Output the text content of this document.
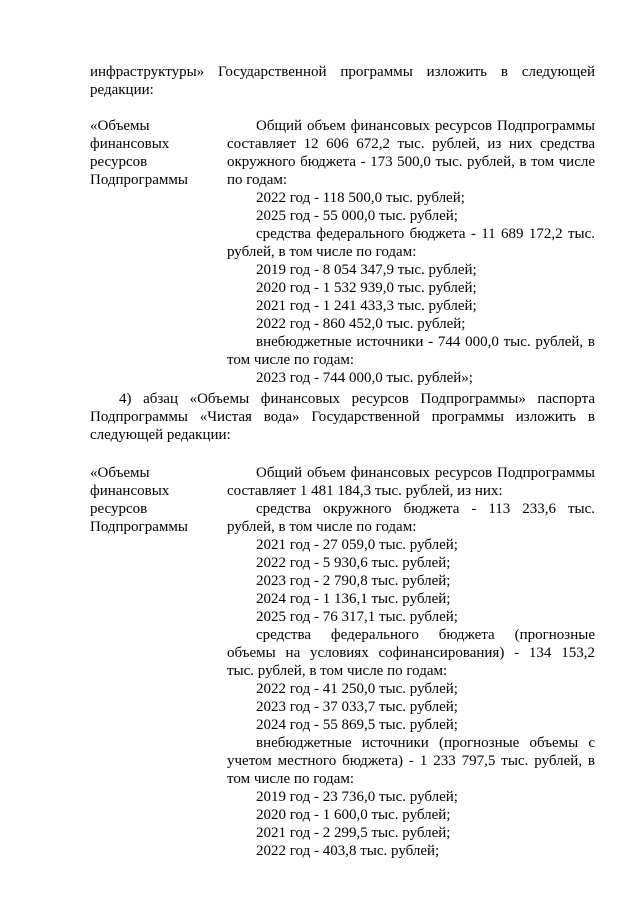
инфраструктуры» Государственной программы изложить в следующей
редакции:
«Объемы
финансовых
ресурсов
Подпрограммы
Общий объем финансовых ресурсов Подпрограммы
составляет 12 606 672,2 тыс. рублей, из них средства
окружного бюджета - 173 500,0 тыс. рублей, в том числе
по годам:
2022 год - 118 500,0 тыс. рублей;
2025 год - 55 000,0 тыс. рублей;
средства федерального бюджета - 11 689 172,2 тыс.
рублей, в том числе по годам:
2019 год - 8 054 347,9 тыс. рублей;
2020 год - 1 532 939,0 тыс. рублей;
2021 год - 1 241 433,3 тыс. рублей;
2022 год - 860 452,0 тыс. рублей;
внебюджетные источники - 744 000,0 тыс. рублей, в
том числе по годам:
2023 год - 744 000,0 тыс. рублей»;
4) абзац «Объемы финансовых ресурсов Подпрограммы» паспорта
Подпрограммы «Чистая вода» Государственной программы изложить в
следующей редакции:
«Объемы
финансовых
ресурсов
Подпрограммы
Общий объем финансовых ресурсов Подпрограммы
составляет 1 481 184,3 тыс. рублей, из них:
средства окружного бюджета - 113 233,6 тыс.
рублей, в том числе по годам:
2021 год - 27 059,0 тыс. рублей;
2022 год - 5 930,6 тыс. рублей;
2023 год - 2 790,8 тыс. рублей;
2024 год - 1 136,1 тыс. рублей;
2025 год - 76 317,1 тыс. рублей;
средства федерального бюджета (прогнозные
объемы на условиях софинансирования) - 134 153,2
тыс. рублей, в том числе по годам:
2022 год - 41 250,0 тыс. рублей;
2023 год - 37 033,7 тыс. рублей;
2024 год - 55 869,5 тыс. рублей;
внебюджетные источники (прогнозные объемы с
учетом местного бюджета) - 1 233 797,5 тыс. рублей, в
том числе по годам:
2019 год - 23 736,0 тыс. рублей;
2020 год - 1 600,0 тыс. рублей;
2021 год - 2 299,5 тыс. рублей;
2022 год - 403,8 тыс. рублей;
